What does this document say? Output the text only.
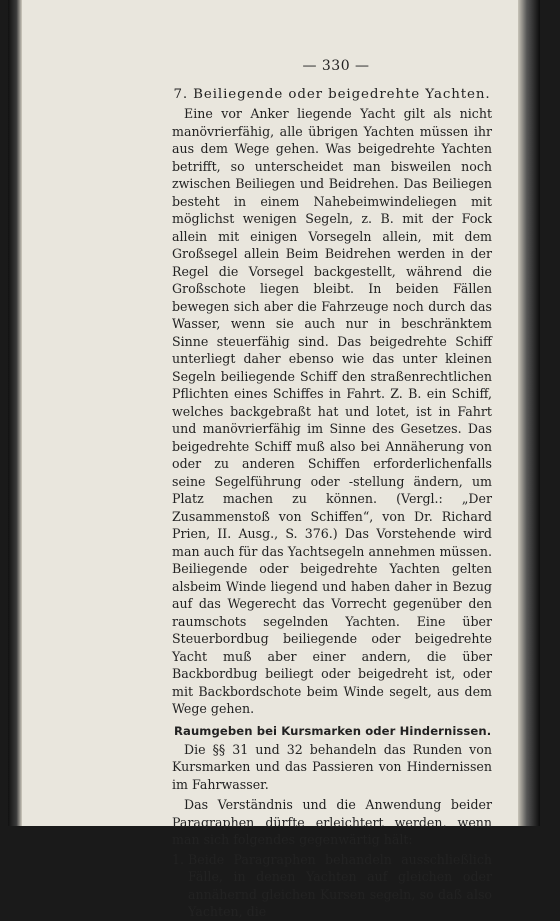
— 330 —
7. Beiliegende oder beigedrehte Yachten.

Eine vor Anker liegende Yacht gilt als nicht manövrierfähig, alle übrigen Yachten müssen ihr aus dem Wege gehen. Was beigedrehte Yachten betrifft, so unterscheidet man bisweilen noch zwischen Beiliegen und Beidrehen. Das Beiliegen besteht in einem Nahebeimwindeliegen mit möglichst wenigen Segeln, z. B. mit der Fock allein mit einigen Vorsegeln allein, mit dem Großsegel allein Beim Beidrehen werden in der Regel die Vorsegel backgestellt, während die Großschote liegen bleibt. In beiden Fällen bewegen sich aber die Fahrzeuge noch durch das Wasser, wenn sie auch nur in beschränktem Sinne steuerfähig sind. Das beigedrehte Schiff unterliegt daher ebenso wie das unter kleinen Segeln beiliegende Schiff den straßenrechtlichen Pflichten eines Schiffes in Fahrt. Z. B. ein Schiff, welches backgebraßt hat und lotet, ist in Fahrt und manövrierfähig im Sinne des Gesetzes. Das beigedrehte Schiff muß also bei Annäherung von oder zu anderen Schiffen erforderlichenfalls seine Segelführung oder -stellung ändern, um Platz machen zu können. (Vergl.: „Der Zusammenstoß von Schiffen“, von Dr. Richard Prien, II. Ausg., S. 376.) Das Vorstehende wird man auch für das Yachtsegeln annehmen müssen. Beiliegende oder beigedrehte Yachten gelten alsbeim Winde liegend und haben daher in Bezug auf das Wegerecht das Vorrecht gegenüber den raumschots segelnden Yachten. Eine über Steuerbordbug beiliegende oder beigedrehte Yacht muß aber einer andern, die über Backbordbug beiliegt oder beigedreht ist, oder mit Backbordschote beim Winde segelt, aus dem Wege gehen.

Raumgeben bei Kursmarken oder Hindernissen.

Die §§ 31 und 32 behandeln das Runden von Kursmarken und das Passieren von Hindernissen im Fahrwasser.

Das Verständnis und die Anwendung beider Paragraphen dürfte erleichtert werden, wenn man sich folgendes gegenwärtig hält:

1. Beide Paragraphen behandeln ausschließlich Fälle, in denen Yachten auf gleichen oder annähernd gleichen Kursen segeln, so daß also Yachten, die
